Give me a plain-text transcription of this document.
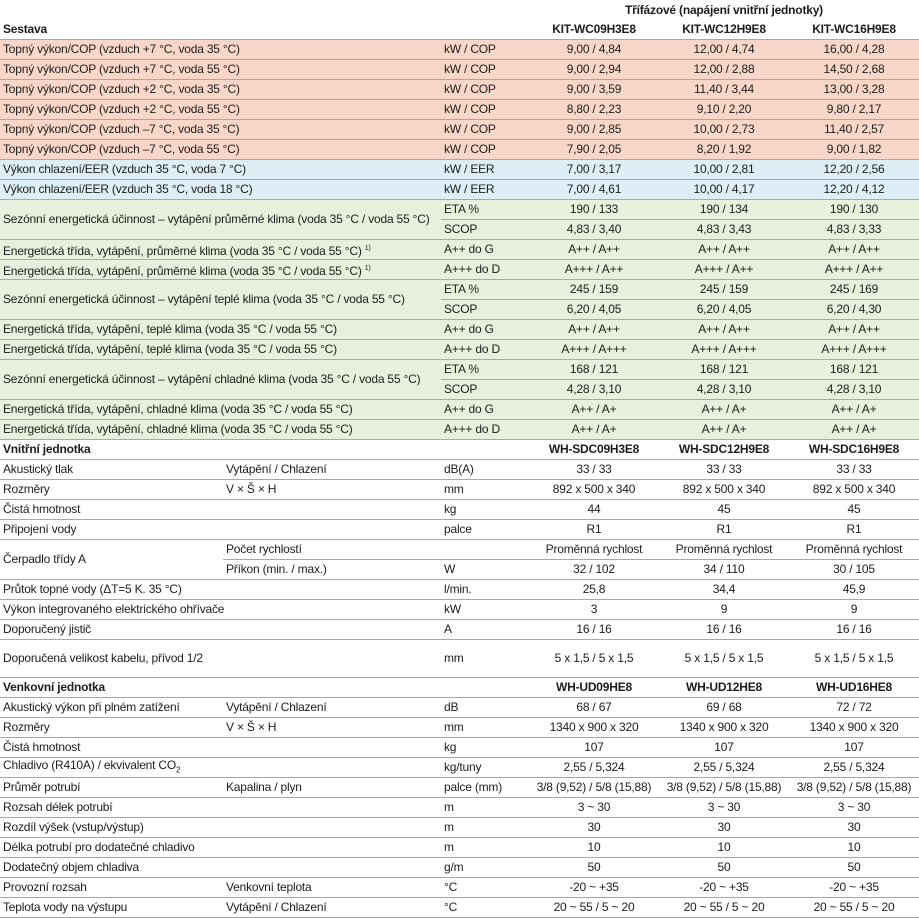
			Třífázové (napájení vnitřní jednotky)		
Sestava			KIT-WC09H3E8	KIT-WC12H9E8	KIT-WC16H9E8
Topný výkon/COP (vzduch +7 °C, voda 35 °C)		kW / COP	9,00 / 4,84	12,00 / 4,74	16,00 / 4,28
Topný výkon/COP (vzduch +7 °C, voda 55 °C)		kW / COP	9,00 / 2,94	12,00 / 2,88	14,50 / 2,68
Topný výkon/COP (vzduch +2 °C, voda 35 °C)		kW / COP	9,00 / 3,59	11,40 / 3,44	13,00 / 3,28
Topný výkon/COP (vzduch +2 °C, voda 55 °C)		kW / COP	8,80 / 2,23	9,10 / 2,20	9,80 / 2,17
Topný výkon/COP (vzduch –7 °C, voda 35 °C)		kW / COP	9,00 / 2,85	10,00 / 2,73	11,40 / 2,57
Topný výkon/COP (vzduch –7 °C, voda 55 °C)		kW / COP	7,90 / 2,05	8,20 / 1,92	9,00 / 1,82
Výkon chlazení/EER (vzduch 35 °C, voda 7 °C)		kW / EER	7,00 / 3,17	10,00 / 2,81	12,20 / 2,56
Výkon chlazení/EER (vzduch 35 °C, voda 18 °C)		kW / EER	7,00 / 4,61	10,00 / 4,17	12,20 / 4,12
Sezónní energetická účinnost – vytápění průměrné klima (voda 35 °C / voda 55 °C)		ETA %	190 / 133	190 / 134	190 / 130
		SCOP	4,83 / 3,40	4,83 / 3,43	4,83 / 3,33
Energetická třída, vytápění, průměrné klima (voda 35 °C / voda 55 °C) $^{1)}$		A++ do G	A++ / A++	A++ / A++	A++ / A++
Energetická třída, vytápění, průměrné klima (voda 35 °C / voda 55 °C) $^{1)}$		A+++ do D	A+++ / A++	A+++ / A++	A+++ / A++
Sezónní energetická účinnost – vytápění teplé klima (voda 35 °C / voda 55 °C)		ETA %	245 / 159	245 / 159	245 / 169
		SCOP	6,20 / 4,05	6,20 / 4,05	6,20 / 4,30
Energetická třída, vytápění, teplé klima (voda 35 °C / voda 55 °C)		A++ do G	A++ / A++	A++ / A++	A++ / A++
Energetická třída, vytápění, teplé klima (voda 35 °C / voda 55 °C)		A+++ do D	A+++ / A+++	A+++ / A+++	A+++ / A+++
Sezónní energetická účinnost – vytápění chladné klima (voda 35 °C / voda 55 °C)		ETA %	168 / 121	168 / 121	168 / 121
		SCOP	4,28 / 3,10	4,28 / 3,10	4,28 / 3,10
Energetická třída, vytápění, chladné klima (voda 35 °C / voda 55 °C)		A++ do G	A++ / A+	A++ / A+	A++ / A+
Energetická třída, vytápění, chladné klima (voda 35 °C / voda 55 °C)		A+++ do D	A++ / A+	A++ / A+	A++ / A+
Vnitřní jednotka			WH-SDC09H3E8	WH-SDC12H9E8	WH-SDC16H9E8
Akustický tlak	Vytápění / Chlazení	dB(A)	33 / 33	33 / 33	33 / 33
Rozměry	V × Š × H	mm	892 x 500 x 340	892 x 500 x 340	892 x 500 x 340
Čistá hmotnost		kg	44	45	45
Připojení vody		palce	R1	R1	R1
Čerpadlo třídy A	Počet rychlostí		Proměnná rychlost	Proměnná rychlost	Proměnná rychlost
	Příkon (min. / max.)	W	32 / 102	34 / 110	30 / 105
Průtok topné vody (ΔT=5 K. 35 °C)		l/min.	25,8	34,4	45,9
Výkon integrovaného elektrického ohřívače		kW	3	9	9
Doporučený jistič		A	16 / 16	16 / 16	16 / 16
Doporučená velikost kabelu, přívod 1/2		mm	5 x 1,5 / 5 x 1,5	5 x 1,5 / 5 x 1,5	5 x 1,5 / 5 x 1,5
Venkovní jednotka			WH-UD09HE8	WH-UD12HE8	WH-UD16HE8
Akustický výkon při plném zatížení	Vytápění / Chlazení	dB	68 / 67	69 / 68	72 / 72
Rozměry	V × Š × H	mm	1340 x 900 x 320	1340 x 900 x 320	1340 x 900 x 320
Čistá hmotnost		kg	107	107	107
Chladivo (R410A) / ekvivalent $CO_2$		kg/tuny	2,55 / 5,324	2,55 / 5,324	2,55 / 5,324
Průměr potrubí	Kapalina / plyn	palce (mm)	3/8 (9,52) / 5/8 (15,88)	3/8 (9,52) / 5/8 (15,88)	3/8 (9,52) / 5/8 (15,88)
Rozsah délek potrubí		m	3 ~ 30	3 ~ 30	3 ~ 30
Rozdíl výšek (vstup/výstup)		m	30	30	30
Délka potrubí pro dodatečné chladivo		m	10	10	10
Dodatečný objem chladiva		g/m	50	50	50
Provozní rozsah	Venkovní teplota	°C	-20 ~ +35	-20 ~ +35	-20 ~ +35
Teplota vody na výstupu	Vytápění / Chlazení	°C	20 ~ 55 / 5 ~ 20	20 ~ 55 / 5 ~ 20	20 ~ 55 / 5 ~ 20
